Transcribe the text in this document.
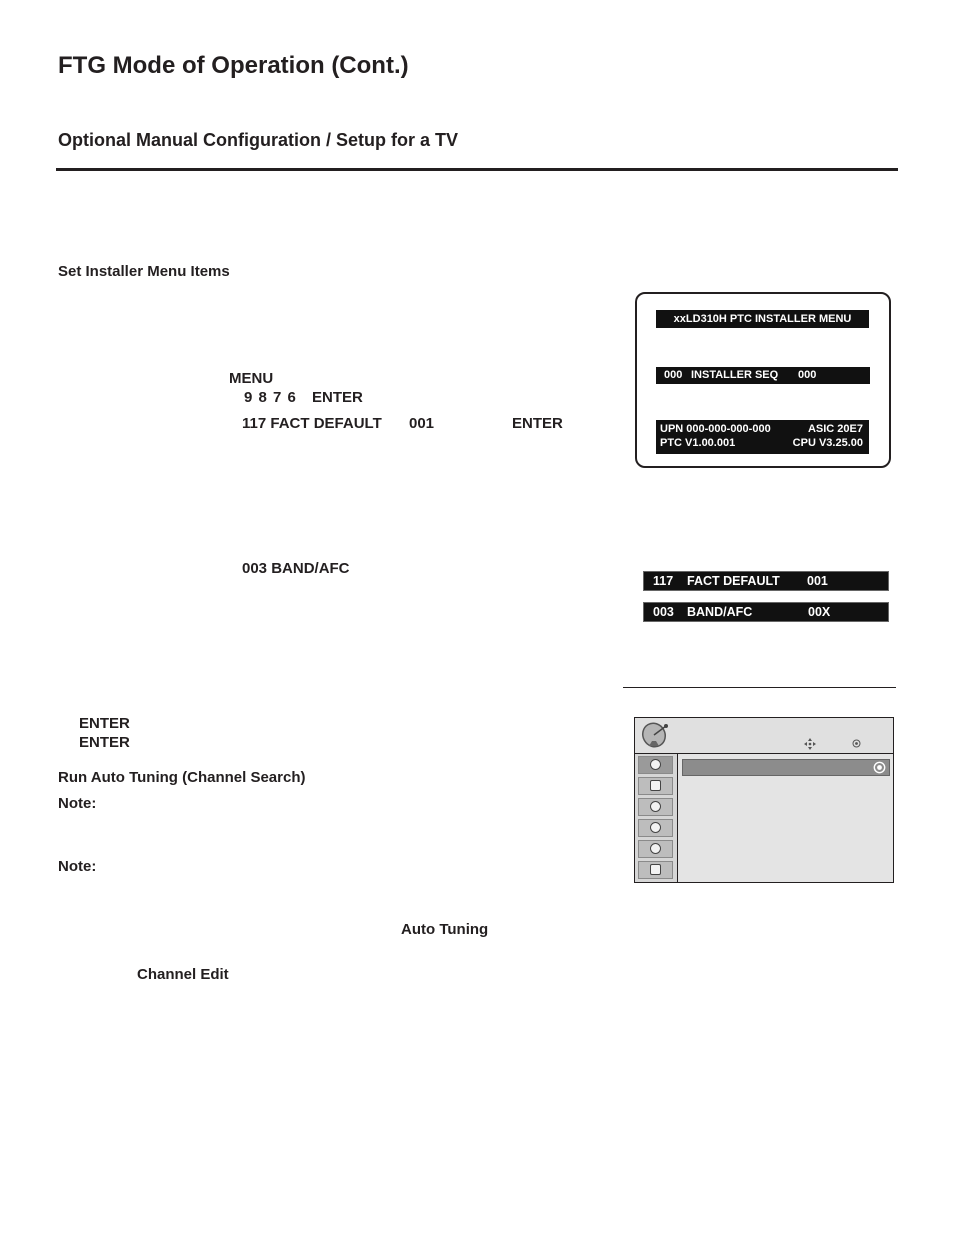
FTG Mode of Operation (Cont.)
Optional Manual Configuration / Setup for a TV
Set Installer Menu Items
MENU
9 8 7 6 ENTER
117 FACT DEFAULT 001	ENTER
003 BAND/AFC
ENTER
ENTER
Run Auto Tuning (Channel Search)
Note:
Note:
Auto Tuning
Channel Edit
xxLD310H PTC INSTALLER MENU
000 INSTALLER SEQ 000
UPN 000-000-000-000	ASIC 20E7
PTC V1.00.001	CPU V3.25.00
117 FACT DEFAULT 001
003 BAND/AFC	00X
